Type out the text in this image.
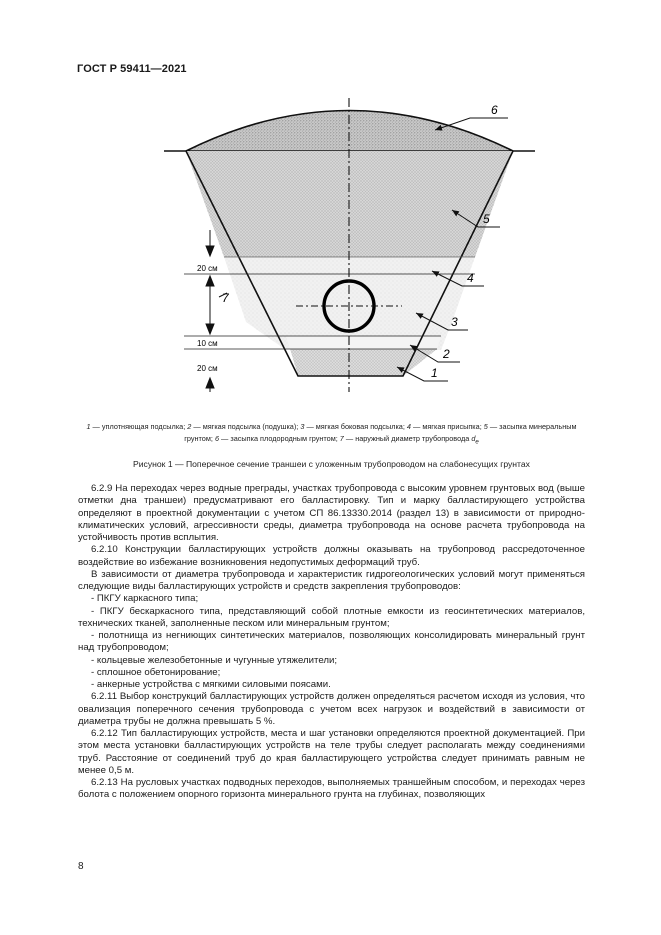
ГОСТ Р 59411—2021
20 см
10 см
20 см
7
6
5
4
3
2
1
1 — уплотняющая подсылка; 2 — мягкая подсылка (подушка); 3 — мягкая боковая подсылка; 4 — мягкая присыпка; 5 — засыпка минеральным грунтом; 6 — засыпка плодородным грунтом; 7 — наружный диаметр трубопровода $d_e$
Рисунок 1 — Поперечное сечение траншеи с уложенным трубопроводом на слабонесущих грунтах

6.2.9 На переходах через водные преграды, участках трубопровода с высоким уровнем грунтовых вод (выше отметки дна траншеи) предусматривают его балластировку. Тип и марку балластирующего устройства определяют в проектной документации с учетом СП 86.13330.2014 (раздел 13) в зависимости от природно-климатических условий, агрессивности среды, диаметра трубопровода на основе расчета трубопровода на устойчивость против всплытия.

6.2.10 Конструкции балластирующих устройств должны оказывать на трубопровод рассредоточенное воздействие во избежание возникновения недопустимых деформаций труб.

В зависимости от диаметра трубопровода и характеристик гидрогеологических условий могут применяться следующие виды балластирующих устройств и средств закрепления трубопроводов:

- ПКГУ каркасного типа;

- ПКГУ бескаркасного типа, представляющий собой плотные емкости из геосинтетических материалов, технических тканей, заполненные песком или минеральным грунтом;

- полотнища из негниющих синтетических материалов, позволяющих консолидировать минеральный грунт над трубопроводом;

- кольцевые железобетонные и чугунные утяжелители;

- сплошное обетонирование;

- анкерные устройства с мягкими силовыми поясами.

6.2.11 Выбор конструкций балластирующих устройств должен определяться расчетом исходя из условия, что овализация поперечного сечения трубопровода с учетом всех нагрузок и воздействий в зависимости от диаметра трубы не должна превышать 5 %.

6.2.12 Тип балластирующих устройств, места и шаг установки определяются проектной документацией. При этом места установки балластирующих устройств на теле трубы следует располагать между соединениями труб. Расстояние от соединений труб до края балластирующего устройства следует принимать равным не менее 0,5 м.

6.2.13 На русловых участках подводных переходов, выполняемых траншейным способом, и переходах через болота с положением опорного горизонта минерального грунта на глубинах, позволяющих

8
